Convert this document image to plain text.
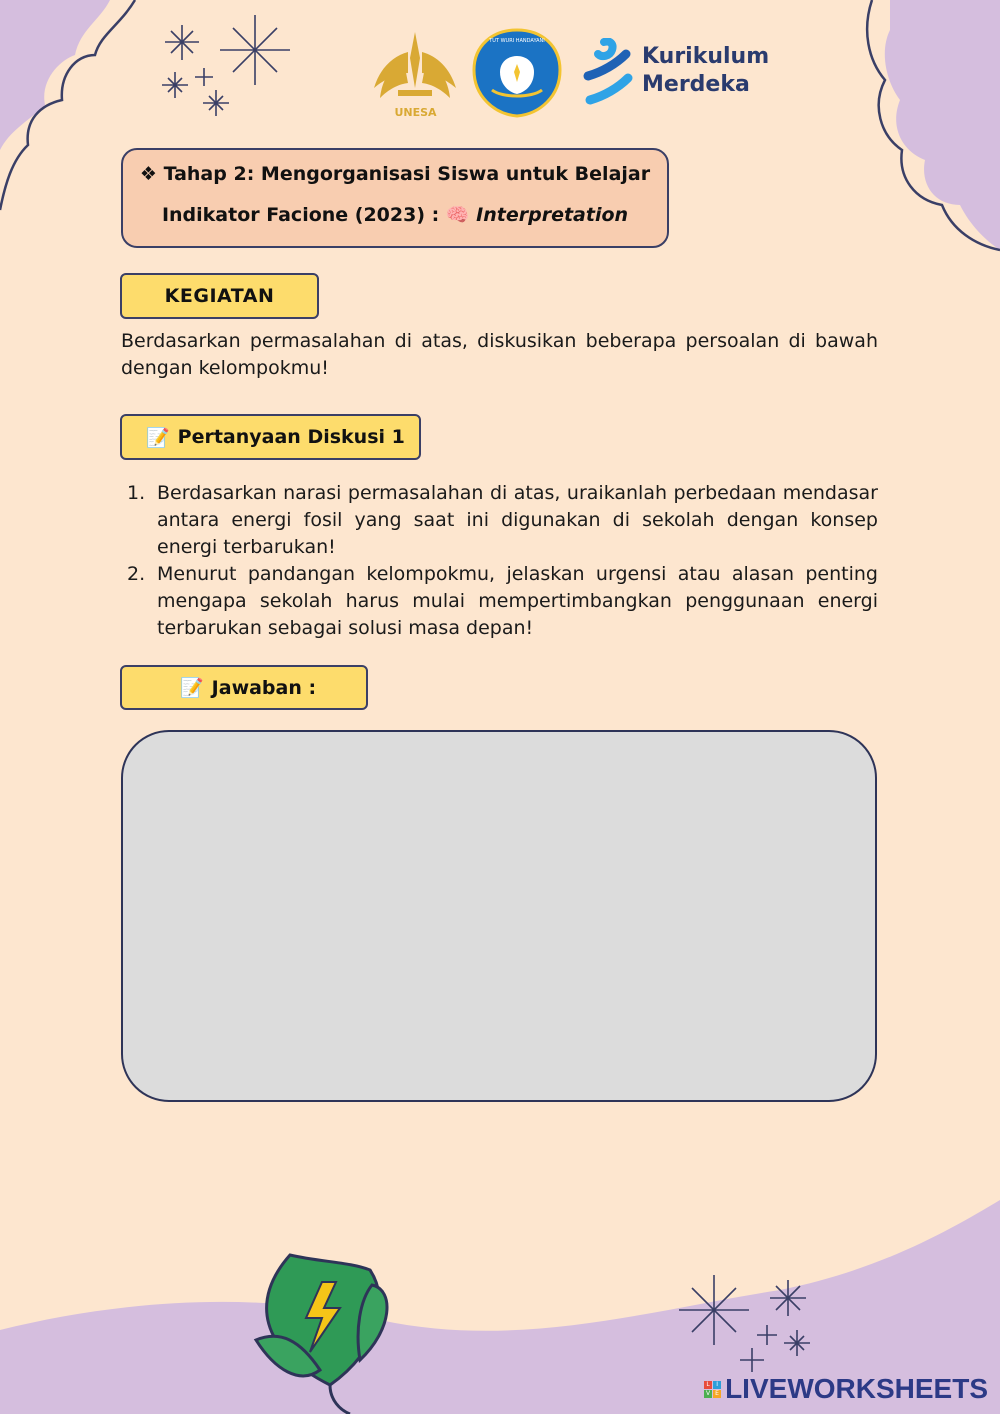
UNESA
TUT WURI HANDAYANI
Kurikulum
Merdeka
❖ Tahap 2: Mengorganisasi Siswa untuk Belajar
Indikator Facione (2023) : 🧠 Interpretation
KEGIATAN
Berdasarkan permasalahan di atas, diskusikan beberapa persoalan di bawah dengan kelompokmu!
📝 Pertanyaan Diskusi 1
1. Berdasarkan narasi permasalahan di atas, uraikanlah perbedaan mendasar antara energi fosil yang saat ini digunakan di sekolah dengan konsep energi terbarukan!
2. Menurut pandangan kelompokmu, jelaskan urgensi atau alasan penting mengapa sekolah harus mulai mempertimbangkan penggunaan energi terbarukan sebagai solusi masa depan!
📝 Jawaban :
L	I
V E LIVEWORKSHEETS
